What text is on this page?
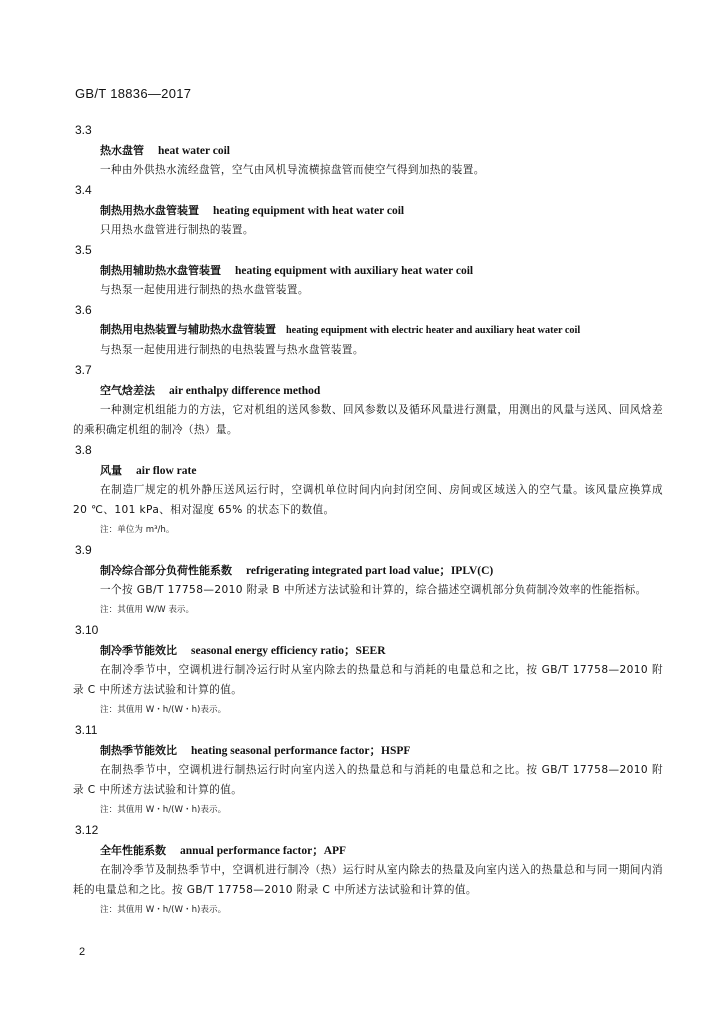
GB/T 18836—2017
3.3
热水盘管 heat water coil
一种由外供热水流经盘管，空气由风机导流横掠盘管而使空气得到加热的装置。
3.4
制热用热水盘管装置 heating equipment with heat water coil
只用热水盘管进行制热的装置。
3.5
制热用辅助热水盘管装置 heating equipment with auxiliary heat water coil
与热泵一起使用进行制热的热水盘管装置。
3.6
制热用电热装置与辅助热水盘管装置 heating equipment with electric heater and auxiliary heat water coil
与热泵一起使用进行制热的电热装置与热水盘管装置。
3.7
空气焓差法 air enthalpy difference method
一种测定机组能力的方法，它对机组的送风参数、回风参数以及循环风量进行测量，用测出的风量与送风、回风焓差的乘积确定机组的制冷（热）量。
3.8
风量 air flow rate
在制造厂规定的机外静压送风运行时，空调机单位时间内向封闭空间、房间或区域送入的空气量。该风量应换算成 20 ℃、101 kPa、相对湿度 65% 的状态下的数值。
注：单位为 m³/h。
3.9
制冷综合部分负荷性能系数 refrigerating integrated part load value；IPLV(C)
一个按 GB/T 17758—2010 附录 B 中所述方法试验和计算的，综合描述空调机部分负荷制冷效率的性能指标。
注：其值用 W/W 表示。
3.10
制冷季节能效比 seasonal energy efficiency ratio；SEER
在制冷季节中，空调机进行制冷运行时从室内除去的热量总和与消耗的电量总和之比，按 GB/T 17758—2010 附录 C 中所述方法试验和计算的值。
注：其值用 W・h/(W・h)表示。
3.11
制热季节能效比 heating seasonal performance factor；HSPF
在制热季节中，空调机进行制热运行时向室内送入的热量总和与消耗的电量总和之比。按 GB/T 17758—2010 附录 C 中所述方法试验和计算的值。
注：其值用 W・h/(W・h)表示。
3.12
全年性能系数 annual performance factor；APF
在制冷季节及制热季节中，空调机进行制冷（热）运行时从室内除去的热量及向室内送入的热量总和与同一期间内消耗的电量总和之比。按 GB/T 17758—2010 附录 C 中所述方法试验和计算的值。
注：其值用 W・h/(W・h)表示。
2
